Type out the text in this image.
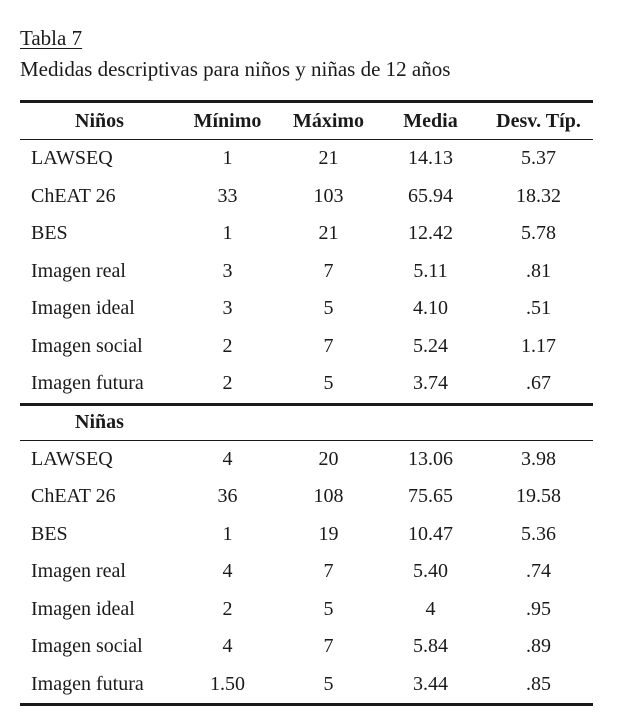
Tabla 7
Medidas descriptivas para niños y niñas de 12 años
Niños	Mínimo	Máximo	Media	Desv. Típ.
LAWSEQ	1	21	14.13	5.37
ChEAT 26	33	103	65.94	18.32
BES	1	21	12.42	5.78
Imagen real	3	7	5.11	.81
Imagen ideal	3	5	4.10	.51
Imagen social	2	7	5.24	1.17
Imagen futura	2	5	3.74	.67
Niñas				
LAWSEQ	4	20	13.06	3.98
ChEAT 26	36	108	75.65	19.58
BES	1	19	10.47	5.36
Imagen real	4	7	5.40	.74
Imagen ideal	2	5	4	.95
Imagen social	4	7	5.84	.89
Imagen futura	1.50	5	3.44	.85
